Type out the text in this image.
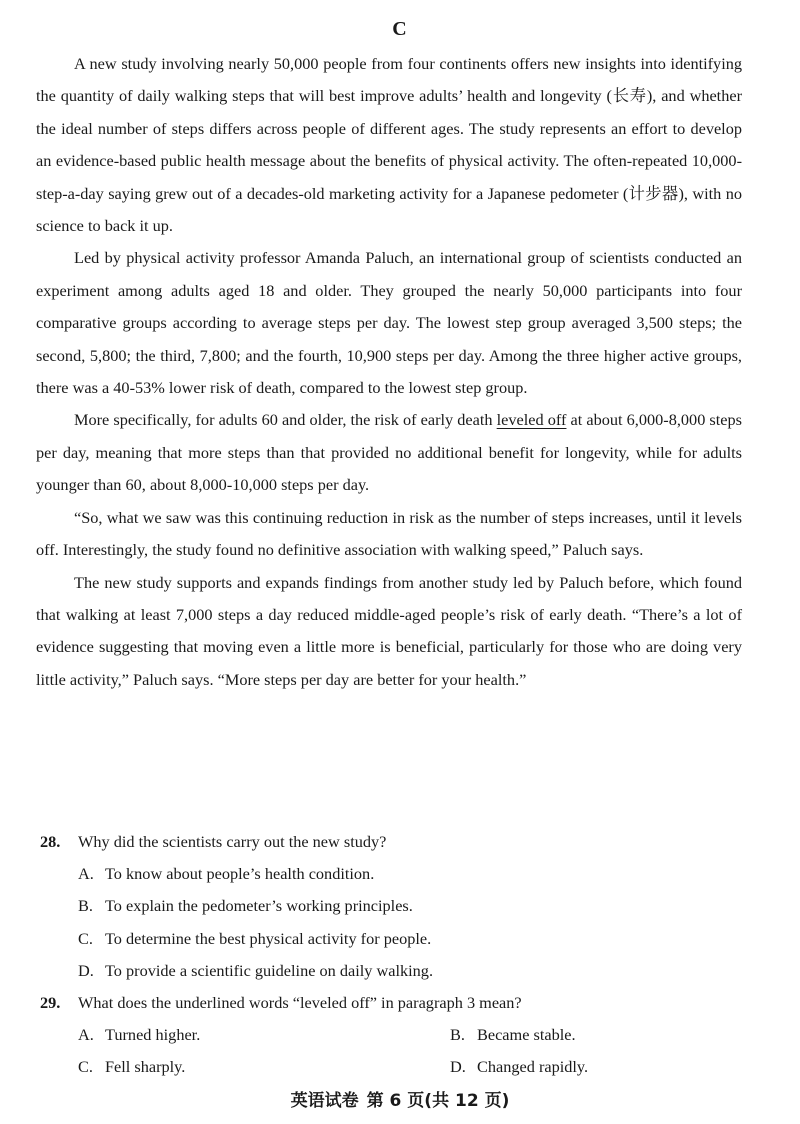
C

A new study involving nearly 50,000 people from four continents offers new insights into identifying the quantity of daily walking steps that will best improve adults’ health and longevity (长寿), and whether the ideal number of steps differs across people of different ages. The study represents an effort to develop an evidence-based public health message about the benefits of physical activity. The often-repeated 10,000-step-a-day saying grew out of a decades-old marketing activity for a Japanese pedometer (计步器), with no science to back it up.

Led by physical activity professor Amanda Paluch, an international group of scientists conducted an experiment among adults aged 18 and older. They grouped the nearly 50,000 participants into four comparative groups according to average steps per day. The lowest step group averaged 3,500 steps; the second, 5,800; the third, 7,800; and the fourth, 10,900 steps per day. Among the three higher active groups, there was a 40-53% lower risk of death, compared to the lowest step group.

More specifically, for adults 60 and older, the risk of early death leveled off at about 6,000-8,000 steps per day, meaning that more steps than that provided no additional benefit for longevity, while for adults younger than 60, about 8,000-10,000 steps per day.

“So, what we saw was this continuing reduction in risk as the number of steps increases, until it levels off. Interestingly, the study found no definitive association with walking speed,” Paluch says.

The new study supports and expands findings from another study led by Paluch before, which found that walking at least 7,000 steps a day reduced middle-aged people’s risk of early death. “There’s a lot of evidence suggesting that moving even a little more is beneficial, particularly for those who are doing very little activity,” Paluch says. “More steps per day are better for your health.”

28.	Why did the scientists carry out the new study?
A. To know about people’s health condition.
B. To explain the pedometer’s working principles.
C. To determine the best physical activity for people.
D. To provide a scientific guideline on daily walking.
29.	What does the underlined words “leveled off” in paragraph 3 mean?
A. Turned higher.	B. Became stable.
C. Fell sharply.	D. Changed rapidly.
英语试卷 第 6 页(共 12 页)
